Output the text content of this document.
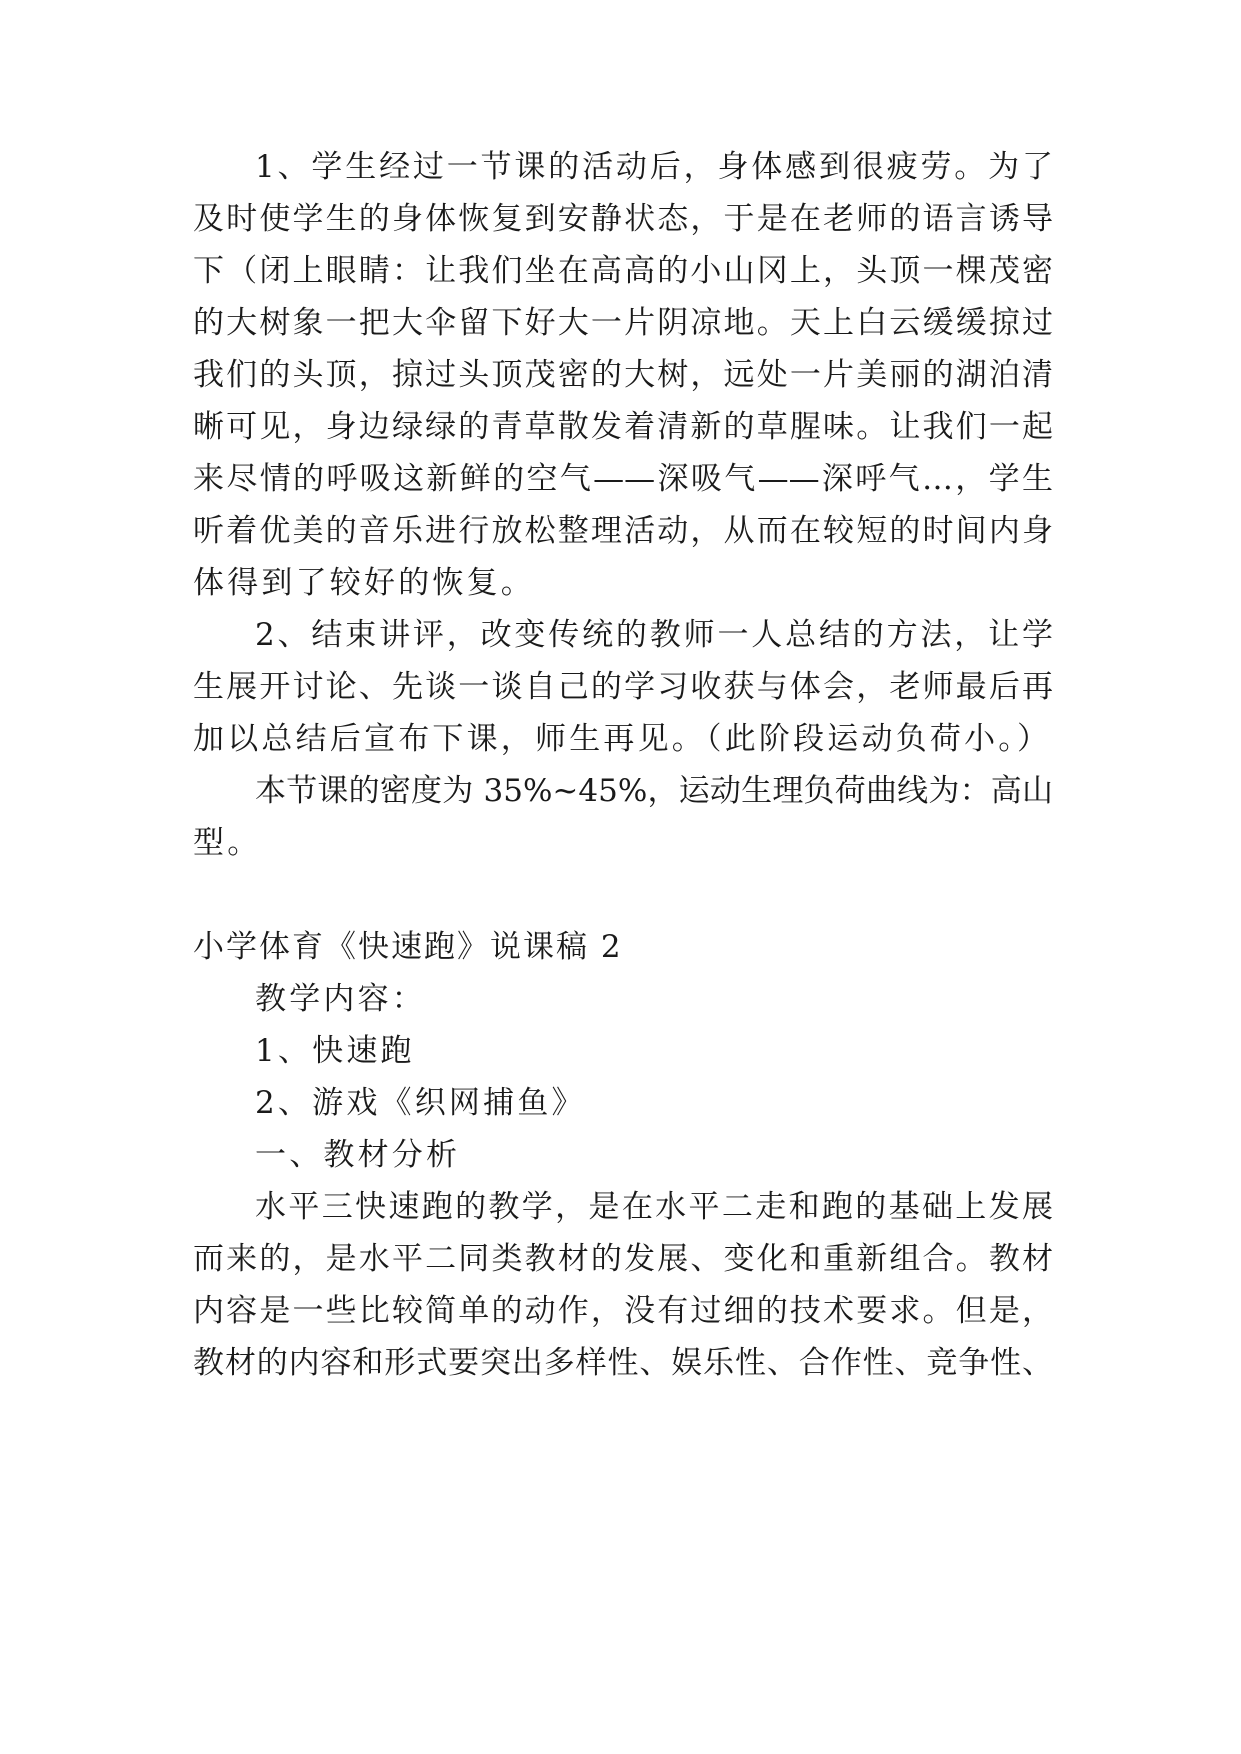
1、学生经过一节课的活动后，身体感到很疲劳。为了
及时使学生的身体恢复到安静状态，于是在老师的语言诱导
下（闭上眼睛：让我们坐在高高的小山冈上，头顶一棵茂密
的大树象一把大伞留下好大一片阴凉地。天上白云缓缓掠过
我们的头顶，掠过头顶茂密的大树，远处一片美丽的湖泊清
晰可见，身边绿绿的青草散发着清新的草腥味。让我们一起
来尽情的呼吸这新鲜的空气——深吸气——深呼气…，学生
听着优美的音乐进行放松整理活动，从而在较短的时间内身
体得到了较好的恢复。
2、结束讲评，改变传统的教师一人总结的方法，让学
生展开讨论、先谈一谈自己的学习收获与体会，老师最后再
加以总结后宣布下课，师生再见。（此阶段运动负荷小。）
本节课的密度为 35%~45%，运动生理负荷曲线为：高山
型。
小学体育《快速跑》说课稿 2
教学内容：
1、快速跑
2、游戏《织网捕鱼》
一、教材分析
水平三快速跑的教学，是在水平二走和跑的基础上发展
而来的，是水平二同类教材的发展、变化和重新组合。教材
内容是一些比较简单的动作，没有过细的技术要求。但是，
教材的内容和形式要突出多样性、娱乐性、合作性、竞争性、
